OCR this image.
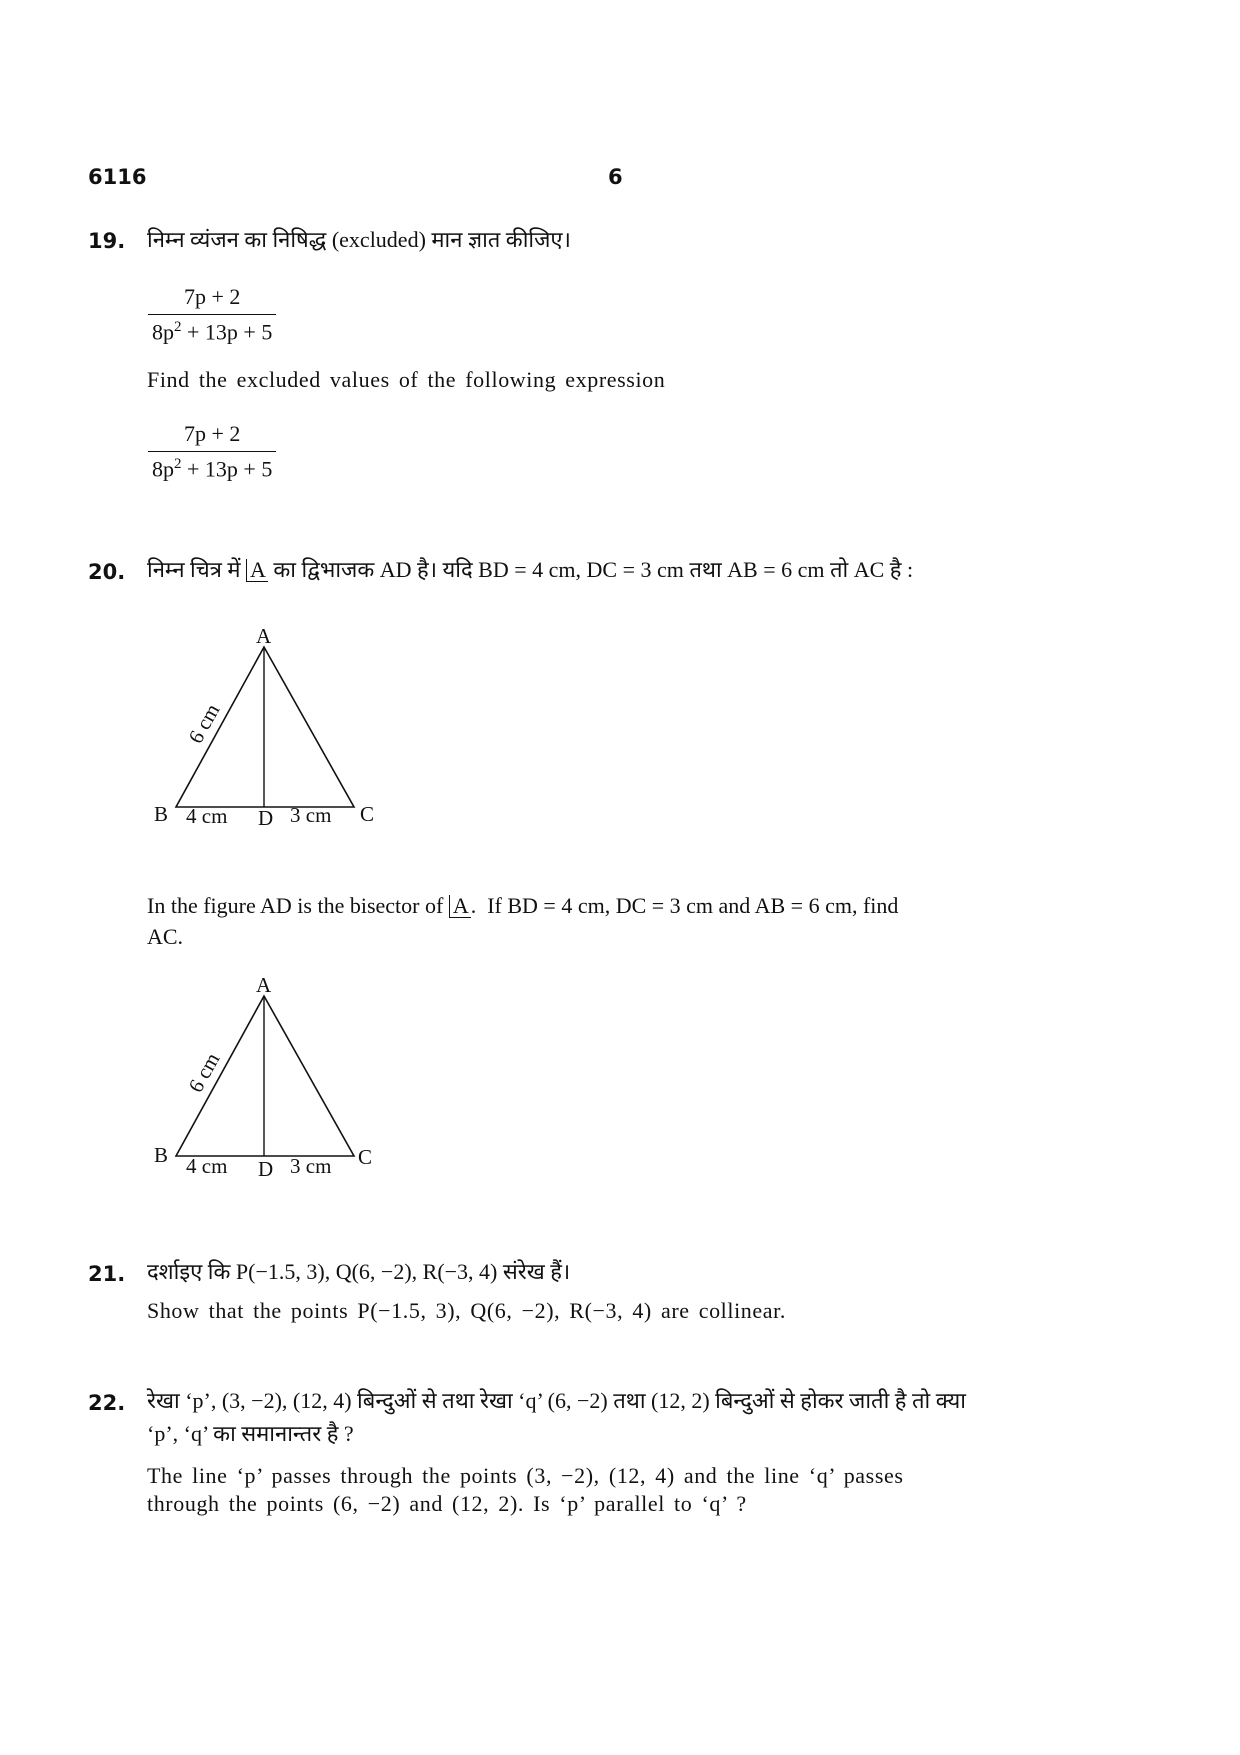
6116	6
19. निम्न व्यंजन का निषिद्ध (excluded) मान ज्ञात कीजिए।
$\frac{7p + 2}{8p^2 + 13p + 5}$
Find the excluded values of the following expression
$\frac{7p + 2}{8p^2 + 13p + 5}$
20. निम्न चित्र में A का द्विभाजक AD है। यदि BD = 4 cm, DC = 3 cm तथा AB = 6 cm तो AC है :
A
B	C
D
4 cm	3 cm
6 cm
In the figure AD is the bisector of A.  If BD = 4 cm, DC = 3 cm and AB = 6 cm, find
AC.
A
B	C
D
4 cm	3 cm
6 cm
21. दर्शाइए कि P(−1.5, 3), Q(6, −2), R(−3, 4) संरेख हैं।
Show that the points P(−1.5, 3), Q(6, −2), R(−3, 4) are collinear.
22. रेखा ‘p’, (3, −2), (12, 4) बिन्दुओं से तथा रेखा ‘q’ (6, −2) तथा (12, 2) बिन्दुओं से होकर जाती है तो क्या
‘p’, ‘q’ का समानान्तर है ?
The line ‘p’ passes through the points (3, −2), (12, 4) and the line ‘q’ passes
through the points (6, −2) and (12, 2). Is ‘p’ parallel to ‘q’ ?
